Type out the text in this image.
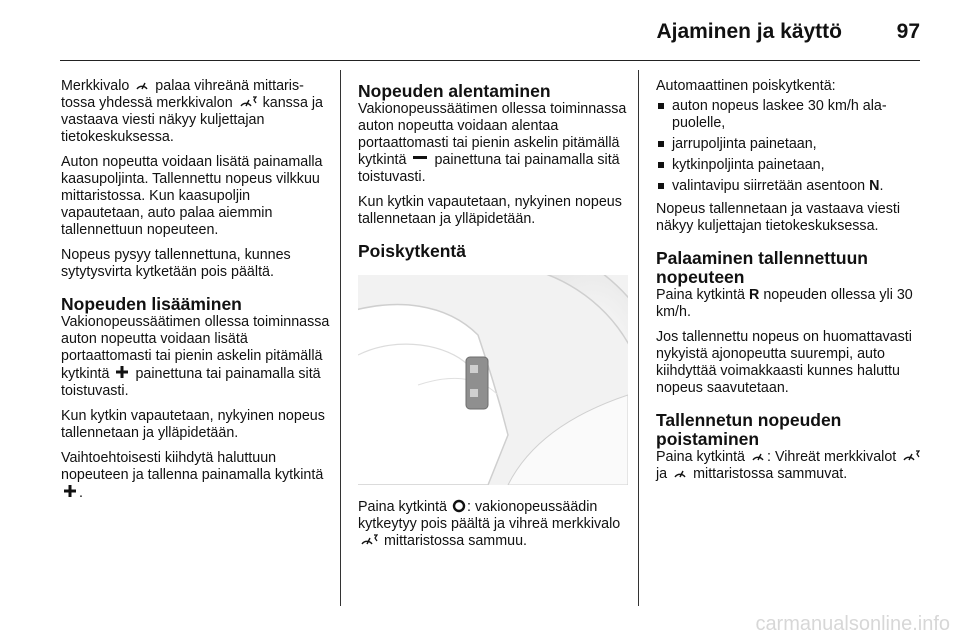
Ajaminen ja käyttö	97

Merkkivalo palaa vihreänä mittaristossa yhdessä merkkivalon kanssa ja vastaava viesti näkyy kuljettajan tietokeskuksessa.

Auton nopeutta voidaan lisätä painamalla kaasupoljinta. Tallennettu nopeus vilkkuu mittaristossa. Kun kaasupoljin vapautetaan, auto palaa aiemmin tallennettuun nopeuteen.

Nopeus pysyy tallennettuna, kunnes sytytysvirta kytketään pois päältä.

Nopeuden lisääminen

Vakionopeussäätimen ollessa toiminnassa auton nopeutta voidaan lisätä portaattomasti tai pienin askelin pitämällä kytkintä painettuna tai painamalla sitä toistuvasti.

Kun kytkin vapautetaan, nykyinen nopeus tallennetaan ja ylläpidetään.

Vaihtoehtoisesti kiihdytä haluttuun nopeuteen ja tallenna painamalla kytkintä .

Nopeuden alentaminen

Vakionopeussäätimen ollessa toiminnassa auton nopeutta voidaan alentaa portaattomasti tai pienin askelin pitämällä kytkintä painettuna tai painamalla sitä toistuvasti.

Kun kytkin vapautetaan, nykyinen nopeus tallennetaan ja ylläpidetään.

Poiskytkentä

Paina kytkintä : vakionopeussäädin kytkeytyy pois päältä ja vihreä merkkivalo  mittaristossa sammuu.

Automaattinen poiskytkentä:

auton nopeus laskee 30 km/h alapuolelle,
jarrupoljinta painetaan,
kytkinpoljinta painetaan,
valintavipu siirretään asentoon N.

Nopeus tallennetaan ja vastaava viesti näkyy kuljettajan tietokeskuksessa.

Palaaminen tallennettuun nopeuteen

Paina kytkintä R nopeuden ollessa yli 30 km/h.

Jos tallennettu nopeus on huomattavasti nykyistä ajonopeutta suurempi, auto kiihdyttää voimakkaasti kunnes haluttu nopeus saavutetaan.

Tallennetun nopeuden poistaminen

Paina kytkintä : Vihreät merkkivalot  ja mittaristossa sammuvat.

carmanualsonline.info
